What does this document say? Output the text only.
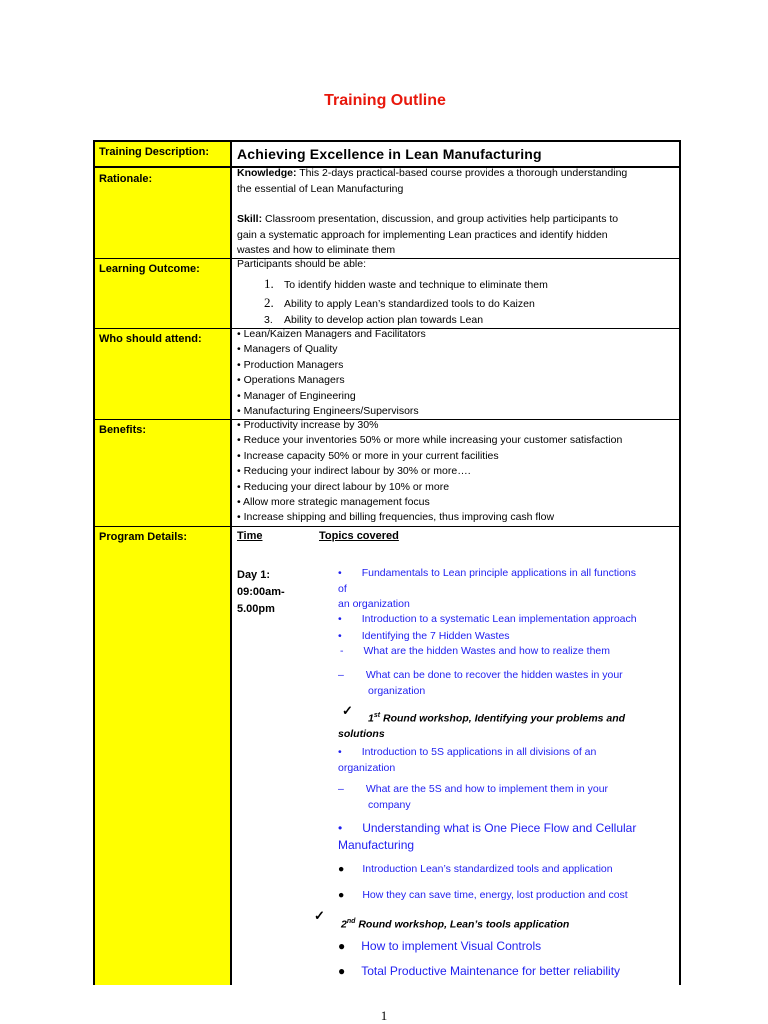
Training Outline
Training Description:
Rationale:
Learning Outcome:
Who should attend:
Benefits:
Program Details:
Achieving Excellence in Lean Manufacturing
Knowledge: This 2-days practical-based course provides a thorough understanding
the essential of Lean Manufacturing
Skill: Classroom presentation, discussion, and group activities help participants to
gain a systematic approach for implementing Lean practices and identify hidden
wastes and how to eliminate them
Participants should be able:
1. To identify hidden waste and technique to eliminate them
2. Ability to apply Lean’s standardized tools to do Kaizen
3. Ability to develop action plan towards Lean
• Lean/Kaizen Managers and Facilitators
• Managers of Quality
• Production Managers
• Operations Managers
• Manager of Engineering
• Manufacturing Engineers/Supervisors
• Productivity increase by 30%
• Reduce your inventories 50% or more while increasing your customer satisfaction
• Increase capacity 50% or more in your current facilities
• Reducing your indirect labour by 30% or more….
• Reducing your direct labour by 10% or more
• Allow more strategic management focus
• Increase shipping and billing frequencies, thus improving cash flow
Time	Topics covered
Day 1:
09:00am-
5.00pm
• Fundamentals to Lean principle applications in all functions
of
an organization
• Introduction to a systematic Lean implementation approach
• Identifying the 7 Hidden Wastes
- What are the hidden Wastes and how to realize them
– What can be done to recover the hidden wastes in your
organization
✓
1st Round workshop, Identifying your problems and
solutions
• Introduction to 5S applications in all divisions of an
organization
– What are the 5S and how to implement them in your
company
• Understanding what is One Piece Flow and Cellular
Manufacturing
● Introduction Lean’s standardized tools and application
● How they can save time, energy, lost production and cost
✓
2nd Round workshop, Lean’s tools application
● How to implement Visual Controls
● Total Productive Maintenance for better reliability
1
